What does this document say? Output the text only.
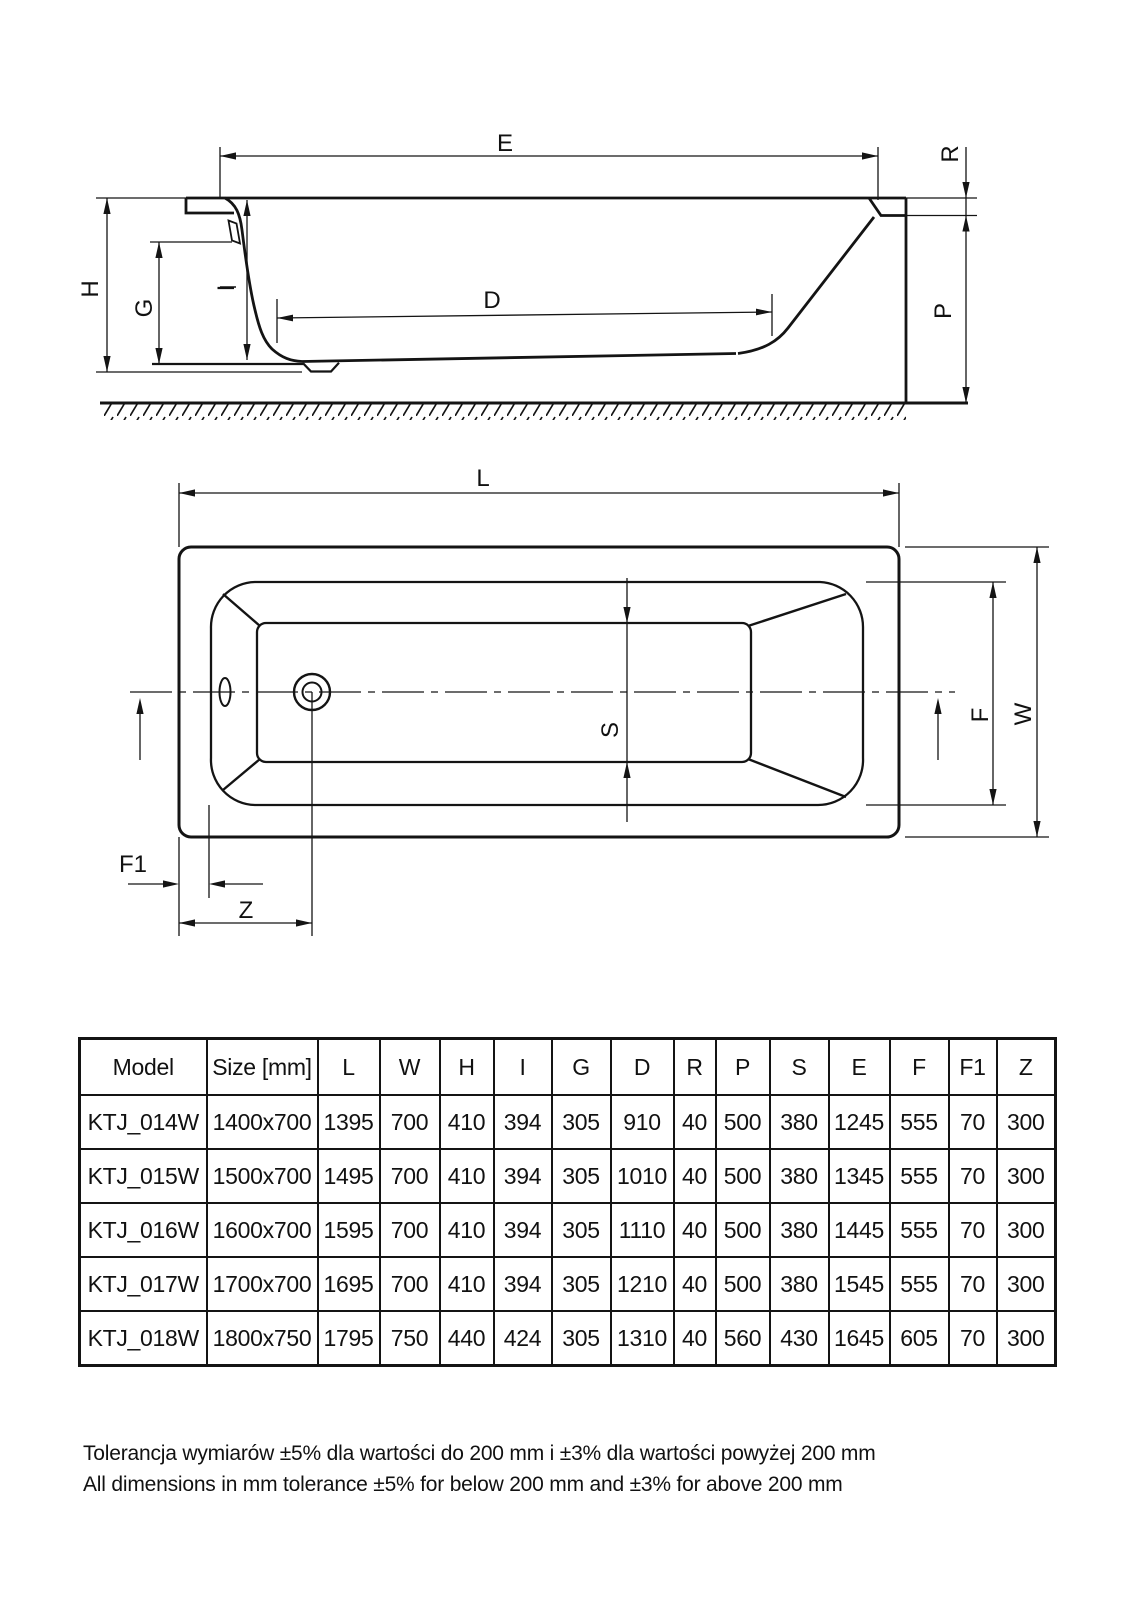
E	R
H
G
I	D	P
L
S
F W
F1
Z
Model	Size [mm]	L	W	H	I	G	D	R	P	S	E	F	F1	Z
KTJ_014W	1400x700	1395	700	410	394	305	910	40	500	380	1245	555	70	300
KTJ_015W	1500x700	1495	700	410	394	305	1010	40	500	380	1345	555	70	300
KTJ_016W	1600x700	1595	700	410	394	305	1110	40	500	380	1445	555	70	300
KTJ_017W	1700x700	1695	700	410	394	305	1210	40	500	380	1545	555	70	300
KTJ_018W	1800x750	1795	750	440	424	305	1310	40	560	430	1645	605	70	300

Tolerancja wymiarów ±5% dla wartości do 200 mm i ±3% dla wartości powyżej 200 mm

All dimensions in mm tolerance ±5% for below 200 mm and ±3% for above 200 mm
